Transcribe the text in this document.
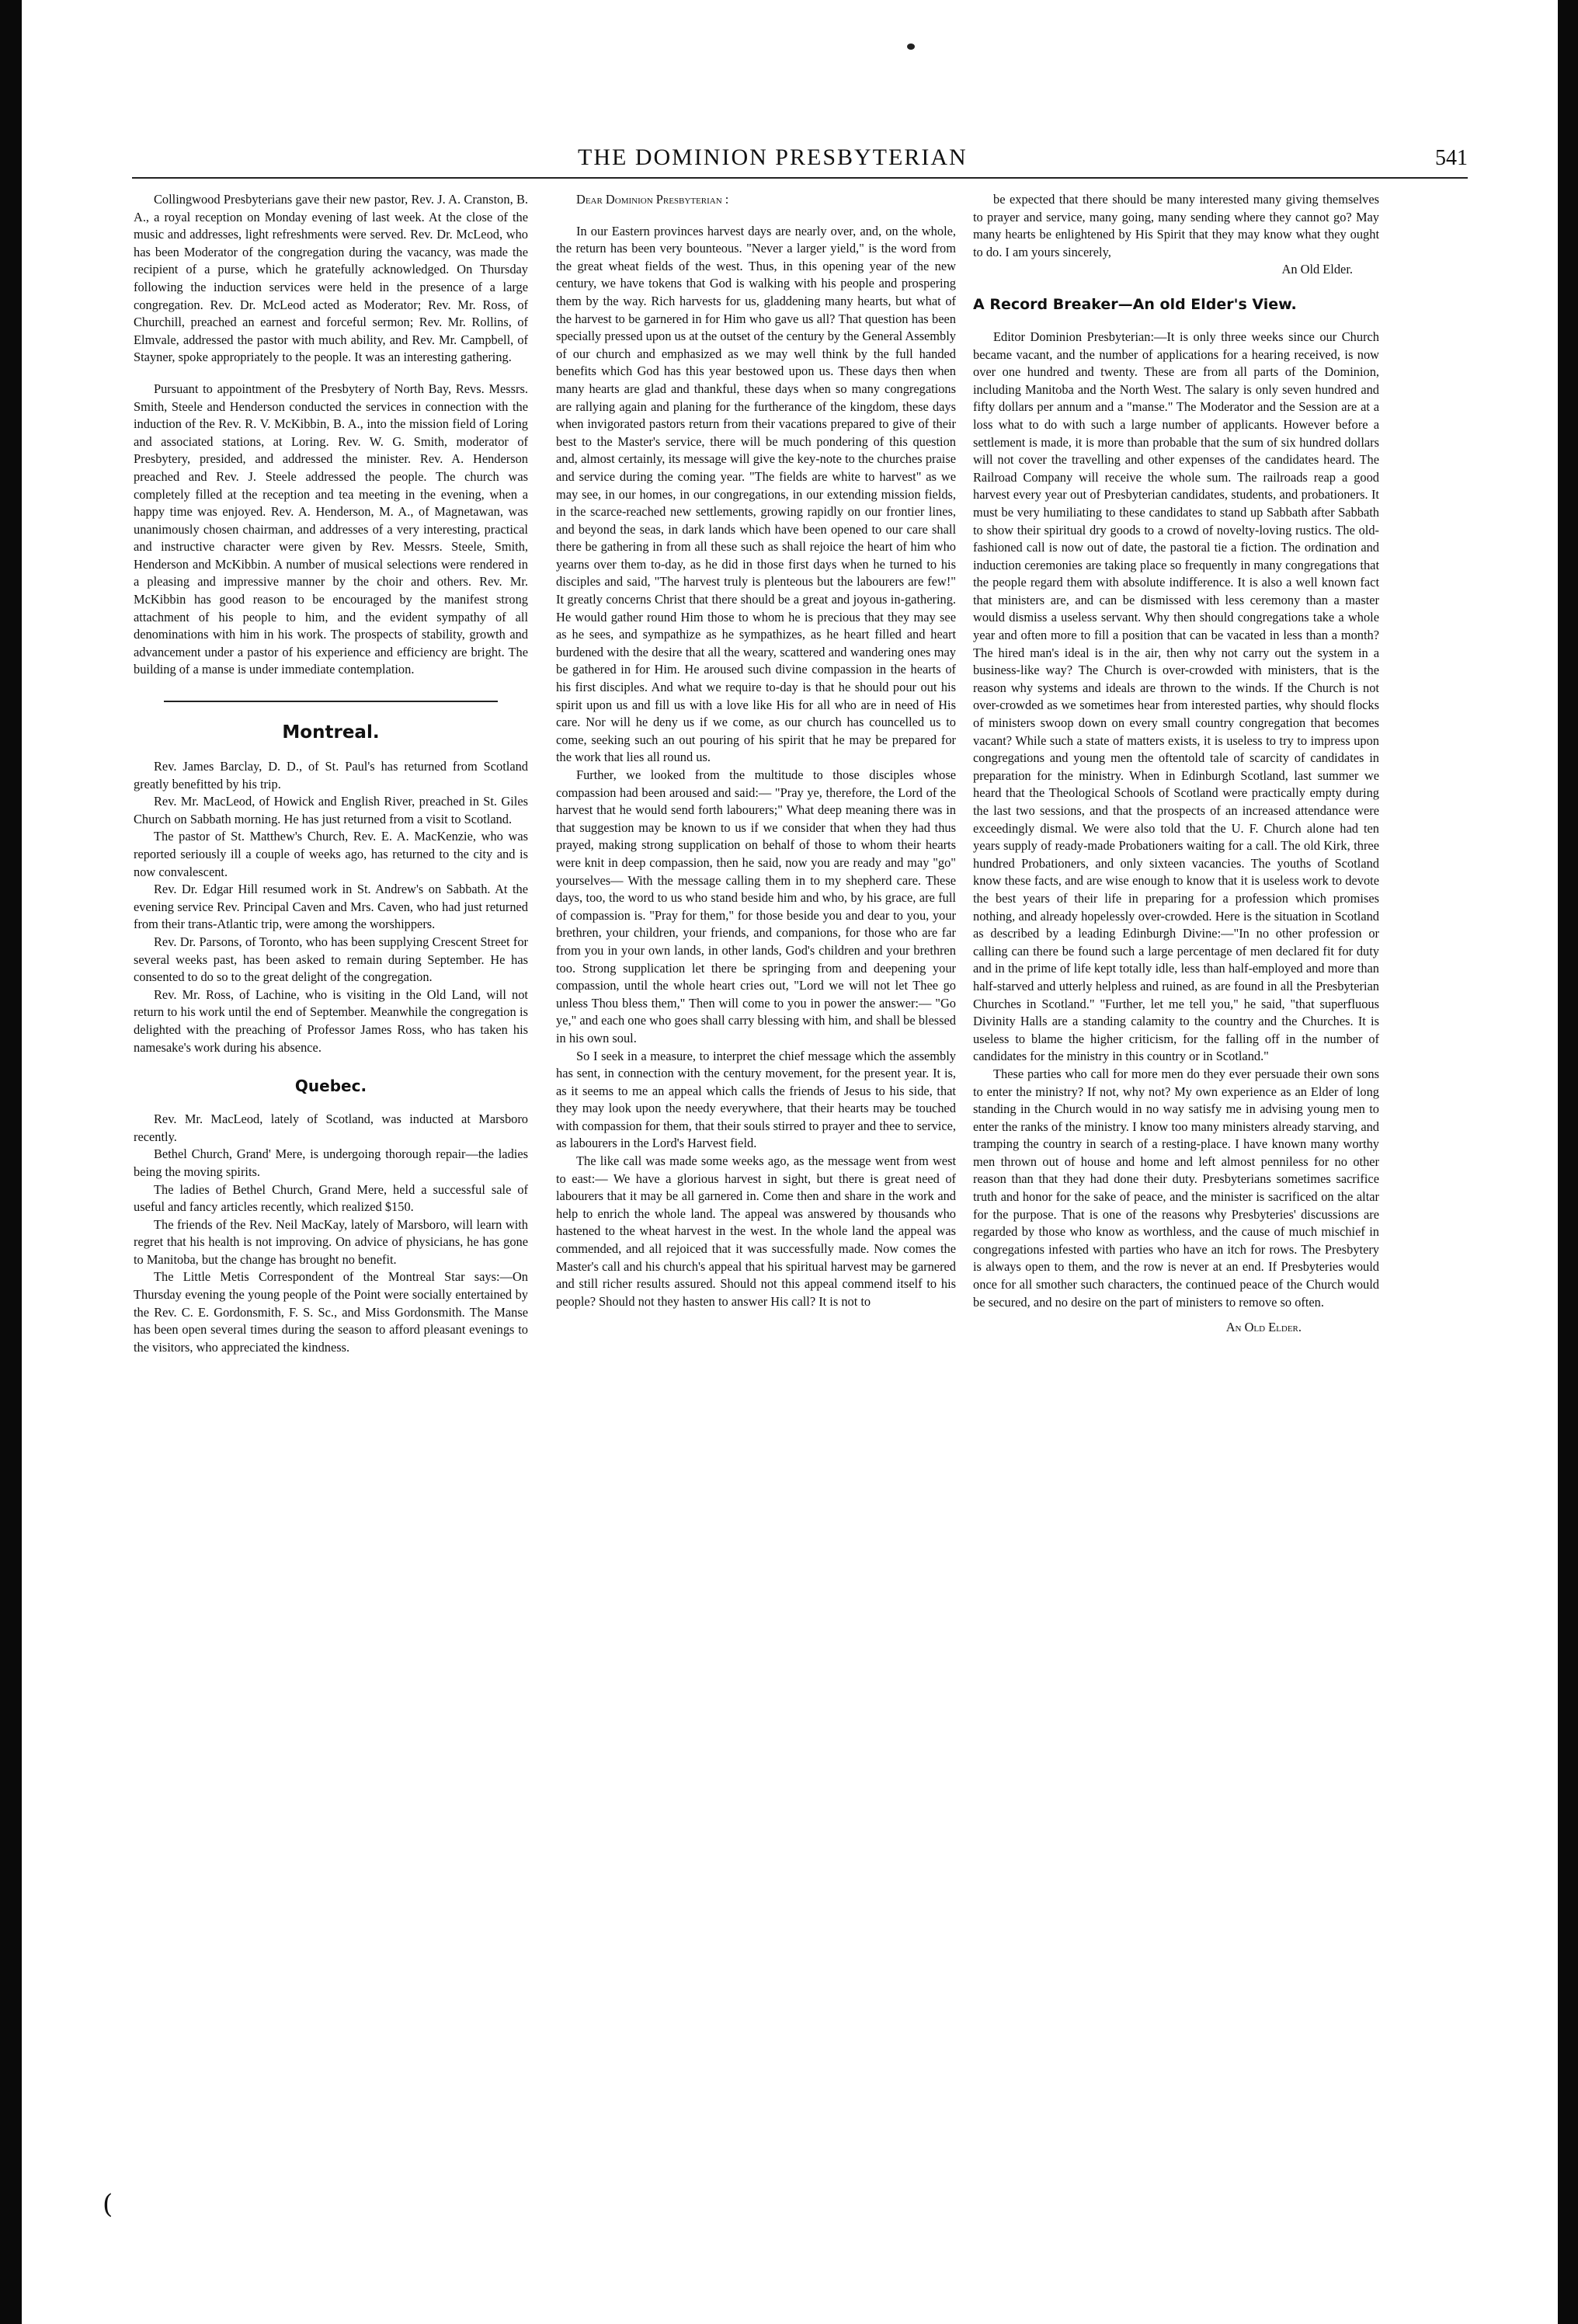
(
THE DOMINION PRESBYTERIAN	541

Collingwood Presbyterians gave their new pastor, Rev. J. A. Cranston, B. A., a royal reception on Monday evening of last week. At the close of the music and addresses, light refreshments were served. Rev. Dr. McLeod, who has been Moderator of the congregation during the vacancy, was made the recipient of a purse, which he gratefully acknowledged. On Thursday following the induction services were held in the presence of a large congregation. Rev. Dr. McLeod acted as Moderator; Rev. Mr. Ross, of Churchill, preached an earnest and forceful sermon; Rev. Mr. Rollins, of Elmvale, addressed the pastor with much ability, and Rev. Mr. Campbell, of Stayner, spoke appropriately to the people. It was an interesting gathering.

Pursuant to appointment of the Presbytery of North Bay, Revs. Messrs. Smith, Steele and Henderson conducted the services in connection with the induction of the Rev. R. V. McKibbin, B. A., into the mission field of Loring and associated stations, at Loring. Rev. W. G. Smith, moderator of Presbytery, presided, and addressed the minister. Rev. A. Henderson preached and Rev. J. Steele addressed the people. The church was completely filled at the reception and tea meeting in the evening, when a happy time was enjoyed. Rev. A. Henderson, M. A., of Magnetawan, was unanimously chosen chairman, and addresses of a very interesting, practical and instructive character were given by Rev. Messrs. Steele, Smith, Henderson and McKibbin. A number of musical selections were rendered in a pleasing and impressive manner by the choir and others. Rev. Mr. McKibbin has good reason to be encouraged by the manifest strong attachment of his people to him, and the evident sympathy of all denominations with him in his work. The prospects of stability, growth and advancement under a pastor of his experience and efficiency are bright. The building of a manse is under immediate contemplation.

Montreal.

Rev. James Barclay, D. D., of St. Paul's has returned from Scotland greatly benefitted by his trip.

Rev. Mr. MacLeod, of Howick and English River, preached in St. Giles Church on Sabbath morning. He has just returned from a visit to Scotland.

The pastor of St. Matthew's Church, Rev. E. A. MacKenzie, who was reported seriously ill a couple of weeks ago, has returned to the city and is now convalescent.

Rev. Dr. Edgar Hill resumed work in St. Andrew's on Sabbath. At the evening service Rev. Principal Caven and Mrs. Caven, who had just returned from their trans-Atlantic trip, were among the worshippers.

Rev. Dr. Parsons, of Toronto, who has been supplying Crescent Street for several weeks past, has been asked to remain during September. He has consented to do so to the great delight of the congregation.

Rev. Mr. Ross, of Lachine, who is visiting in the Old Land, will not return to his work until the end of September. Meanwhile the congregation is delighted with the preaching of Professor James Ross, who has taken his namesake's work during his absence.

Quebec.

Rev. Mr. MacLeod, lately of Scotland, was inducted at Marsboro recently.

Bethel Church, Grand' Mere, is undergoing thorough repair—the ladies being the moving spirits.

The ladies of Bethel Church, Grand Mere, held a successful sale of useful and fancy articles recently, which realized $150.

The friends of the Rev. Neil MacKay, lately of Marsboro, will learn with regret that his health is not improving. On advice of physicians, he has gone to Manitoba, but the change has brought no benefit.

The Little Metis Correspondent of the Montreal Star says:—On Thursday evening the young people of the Point were socially entertained by the Rev. C. E. Gordonsmith, F. S. Sc., and Miss Gordonsmith. The Manse has been open several times during the season to afford pleasant evenings to the visitors, who appreciated the kindness.

Dear Dominion Presbyterian :

In our Eastern provinces harvest days are nearly over, and, on the whole, the return has been very bounteous. "Never a larger yield," is the word from the great wheat fields of the west. Thus, in this opening year of the new century, we have tokens that God is walking with his people and prospering them by the way. Rich harvests for us, gladdening many hearts, but what of the harvest to be garnered in for Him who gave us all? That question has been specially pressed upon us at the outset of the century by the General Assembly of our church and emphasized as we may well think by the full handed benefits which God has this year bestowed upon us. These days then when many hearts are glad and thankful, these days when so many congregations are rallying again and planing for the furtherance of the kingdom, these days when invigorated pastors return from their vacations prepared to give of their best to the Master's service, there will be much pondering of this question and, almost certainly, its message will give the key-note to the churches praise and service during the coming year. "The fields are white to harvest" as we may see, in our homes, in our congregations, in our extending mission fields, in the scarce-reached new settlements, growing rapidly on our frontier lines, and beyond the seas, in dark lands which have been opened to our care shall there be gathering in from all these such as shall rejoice the heart of him who yearns over them to-day, as he did in those first days when he turned to his disciples and said, "The harvest truly is plenteous but the labourers are few!" It greatly concerns Christ that there should be a great and joyous in-gathering. He would gather round Him those to whom he is precious that they may see as he sees, and sympathize as he sympathizes, as he heart filled and heart burdened with the desire that all the weary, scattered and wandering ones may be gathered in for Him. He aroused such divine compassion in the hearts of his first disciples. And what we require to-day is that he should pour out his spirit upon us and fill us with a love like His for all who are in need of His care. Nor will he deny us if we come, as our church has councelled us to come, seeking such an out pouring of his spirit that he may be prepared for the work that lies all round us.

Further, we looked from the multitude to those disciples whose compassion had been aroused and said:— "Pray ye, therefore, the Lord of the harvest that he would send forth labourers;" What deep meaning there was in that suggestion may be known to us if we consider that when they had thus prayed, making strong supplication on behalf of those to whom their hearts were knit in deep compassion, then he said, now you are ready and may "go" yourselves— With the message calling them in to my shepherd care. These days, too, the word to us who stand beside him and who, by his grace, are full of compassion is. "Pray for them," for those beside you and dear to you, your brethren, your children, your friends, and companions, for those who are far from you in your own lands, in other lands, God's children and your brethren too. Strong supplication let there be springing from and deepening your compassion, until the whole heart cries out, "Lord we will not let Thee go unless Thou bless them," Then will come to you in power the answer:— "Go ye," and each one who goes shall carry blessing with him, and shall be blessed in his own soul.

So I seek in a measure, to interpret the chief message which the assembly has sent, in connection with the century movement, for the present year. It is, as it seems to me an appeal which calls the friends of Jesus to his side, that they may look upon the needy everywhere, that their hearts may be touched with compassion for them, that their souls stirred to prayer and thee to service, as labourers in the Lord's Harvest field.

The like call was made some weeks ago, as the message went from west to east:— We have a glorious harvest in sight, but there is great need of labourers that it may be all garnered in. Come then and share in the work and help to enrich the whole land. The appeal was answered by thousands who hastened to the wheat harvest in the west. In the whole land the appeal was commended, and all rejoiced that it was successfully made. Now comes the Master's call and his church's appeal that his spiritual harvest may be garnered and still richer results assured. Should not this appeal commend itself to his people? Should not they hasten to answer His call? It is not to

be expected that there should be many interested many giving themselves to prayer and service, many going, many sending where they cannot go? May many hearts be enlightened by His Spirit that they may know what they ought to do. I am yours sincerely,

An Old Elder.

A Record Breaker—An old Elder's View.

Editor Dominion Presbyterian:—It is only three weeks since our Church became vacant, and the number of applications for a hearing received, is now over one hundred and twenty. These are from all parts of the Dominion, including Manitoba and the North West. The salary is only seven hundred and fifty dollars per annum and a "manse." The Moderator and the Session are at a loss what to do with such a large number of applicants. However before a settlement is made, it is more than probable that the sum of six hundred dollars will not cover the travelling and other expenses of the candidates heard. The Railroad Company will receive the whole sum. The railroads reap a good harvest every year out of Presbyterian candidates, students, and probationers. It must be very humiliating to these candidates to stand up Sabbath after Sabbath to show their spiritual dry goods to a crowd of novelty-loving rustics. The old-fashioned call is now out of date, the pastoral tie a fiction. The ordination and induction ceremonies are taking place so frequently in many congregations that the people regard them with absolute indifference. It is also a well known fact that ministers are, and can be dismissed with less ceremony than a master would dismiss a useless servant. Why then should congregations take a whole year and often more to fill a position that can be vacated in less than a month? The hired man's ideal is in the air, then why not carry out the system in a business-like way? The Church is over-crowded with ministers, that is the reason why systems and ideals are thrown to the winds. If the Church is not over-crowded as we sometimes hear from interested parties, why should flocks of ministers swoop down on every small country congregation that becomes vacant? While such a state of matters exists, it is useless to try to impress upon congregations and young men the oftentold tale of scarcity of candidates in preparation for the ministry. When in Edinburgh Scotland, last summer we heard that the Theological Schools of Scotland were practically empty during the last two sessions, and that the prospects of an increased attendance were exceedingly dismal. We were also told that the U. F. Church alone had ten years supply of ready-made Probationers waiting for a call. The old Kirk, three hundred Probationers, and only sixteen vacancies. The youths of Scotland know these facts, and are wise enough to know that it is useless work to devote the best years of their life in preparing for a profession which promises nothing, and already hopelessly over-crowded. Here is the situation in Scotland as described by a leading Edinburgh Divine:—"In no other profession or calling can there be found such a large percentage of men declared fit for duty and in the prime of life kept totally idle, less than half-employed and more than half-starved and utterly helpless and ruined, as are found in all the Presbyterian Churches in Scotland." "Further, let me tell you," he said, "that superfluous Divinity Halls are a standing calamity to the country and the Churches. It is useless to blame the higher criticism, for the falling off in the number of candidates for the ministry in this country or in Scotland."

These parties who call for more men do they ever persuade their own sons to enter the ministry? If not, why not? My own experience as an Elder of long standing in the Church would in no way satisfy me in advising young men to enter the ranks of the ministry. I know too many ministers already starving, and tramping the country in search of a resting-place. I have known many worthy men thrown out of house and home and left almost penniless for no other reason than that they had done their duty. Presbyterians sometimes sacrifice truth and honor for the sake of peace, and the minister is sacrificed on the altar for the purpose. That is one of the reasons why Presbyteries' discussions are regarded by those who know as worthless, and the cause of much mischief in congregations infested with parties who have an itch for rows. The Presbytery is always open to them, and the row is never at an end. If Presbyteries would once for all smother such characters, the continued peace of the Church would be secured, and no desire on the part of ministers to remove so often.

An Old Elder.
